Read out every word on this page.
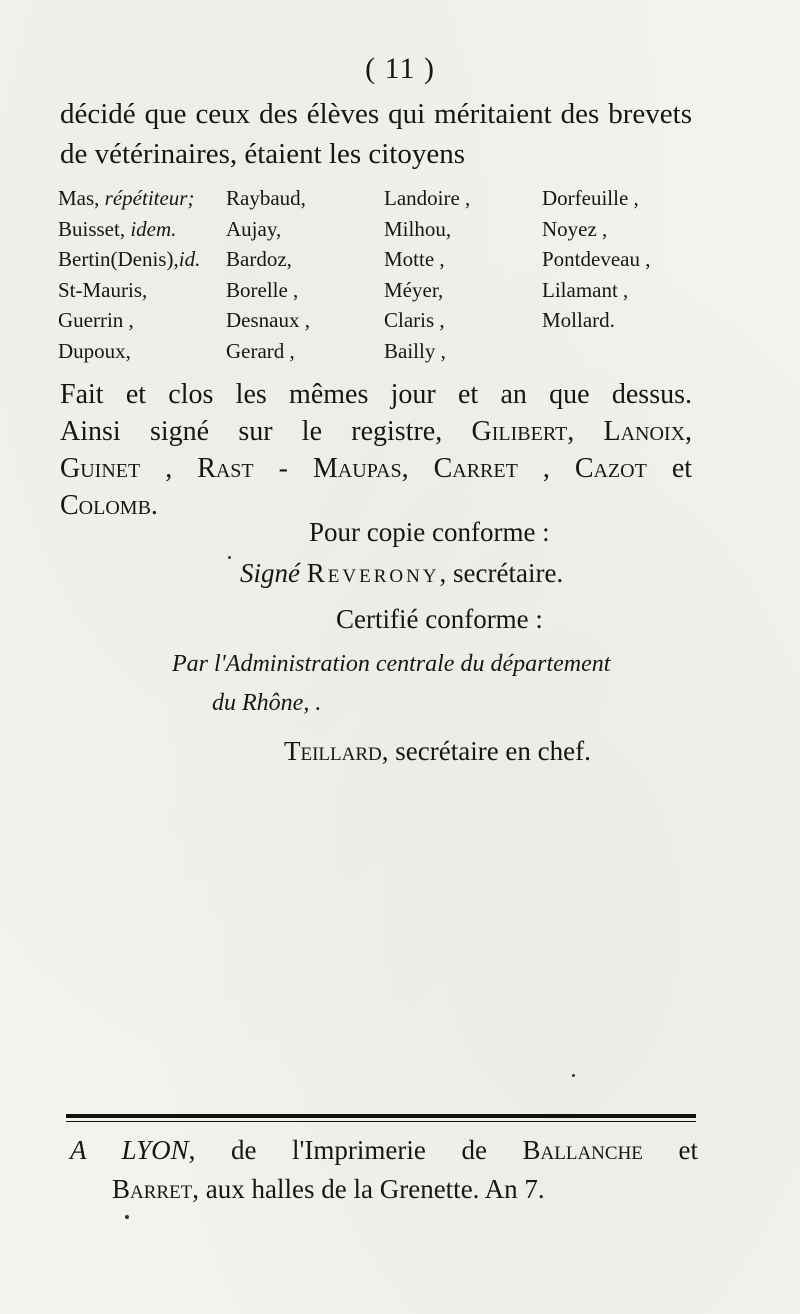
( 11 )
décidé que ceux des élèves qui méritaient des brevets de vétérinaires, étaient les citoyens
Mas, répétiteur;
Buisset, idem.
Bertin(Denis),id.
St-Mauris,
Guerrin ,
Dupoux,
Raybaud,
Aujay,
Bardoz,
Borelle ,
Desnaux ,
Gerard ,
Landoire ,
Milhou,
Motte ,
Méyer,
Claris ,
Bailly ,
Dorfeuille ,
Noyez ,
Pontdeveau ,
Lilamant ,
Mollard.
Fait et clos les mêmes jour et an que dessus.
Ainsi signé sur le registre, Gilibert, Lanoix,
Guinet , Rast - Maupas, Carret , Cazot et
Colomb.
Pour copie conforme :
Signé Reverony, secrétaire.
Certifié conforme :
Par l'Administration centrale du département
du Rhône, .
Teillard, secrétaire en chef.
A LYON, de l'Imprimerie de Ballanche et
Barret, aux halles de la Grenette. An 7.
